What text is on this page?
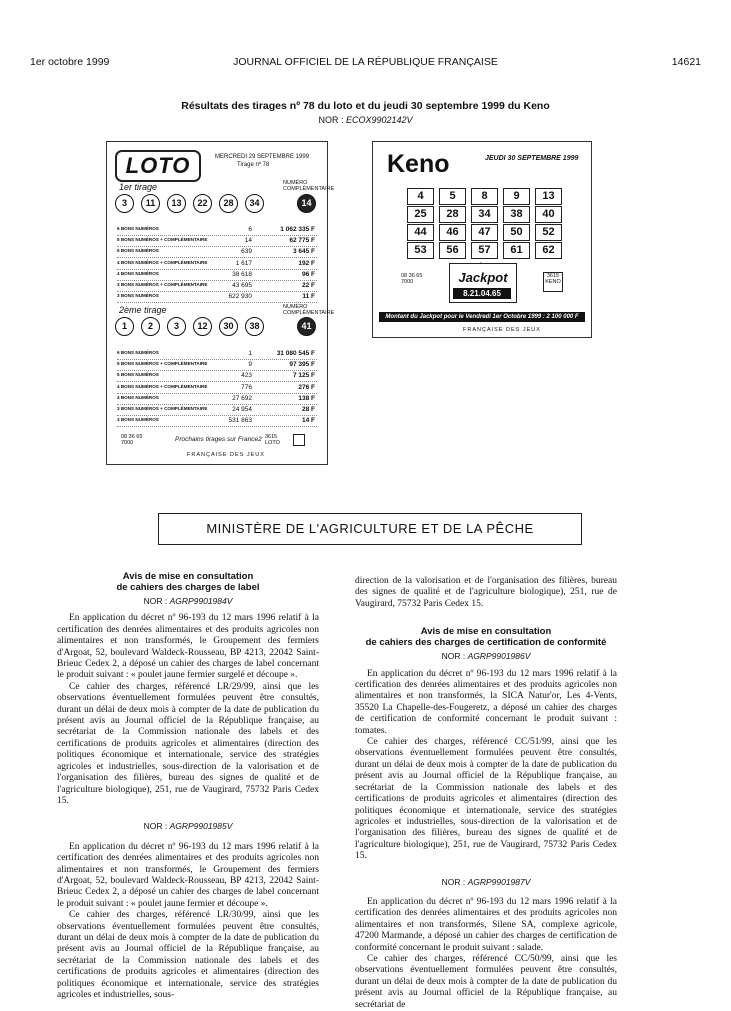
1er octobre 1999	JOURNAL OFFICIEL DE LA RÉPUBLIQUE FRANÇAISE	14621
Résultats des tirages nº 78 du loto et du jeudi 30 septembre 1999 du Keno
NOR : ECOX9902142V
LOTO	MERCREDI 29 SEPTEMBRE 1999
Tirage nº 78
1er tirage	NUMÉRO COMPLÉMENTAIRE
3	11	13	22	28	34	14
6 BONS NUMÉROS	6	1 062 335 F
5 BONS NUMÉROS + COMPLÉMENTAIRE	14	62 775 F
5 BONS NUMÉROS	639	3 645 F
4 BONS NUMÉROS + COMPLÉMENTAIRE	1 617	192 F
4 BONS NUMÉROS	38 618	96 F
3 BONS NUMÉROS + COMPLÉMENTAIRE	43 695	22 F
3 BONS NUMÉROS	622 930	11 F
2ème tirage	NUMÉRO COMPLÉMENTAIRE
1	2	3	12	30	38	41
6 BONS NUMÉROS	1	31 080 545 F
5 BONS NUMÉROS + COMPLÉMENTAIRE	9	97 395 F
5 BONS NUMÉROS	423	7 125 F
4 BONS NUMÉROS + COMPLÉMENTAIRE	776	276 F
4 BONS NUMÉROS	27 692	138 F
3 BONS NUMÉROS + COMPLÉMENTAIRE	24 954	28 F
3 BONS NUMÉROS	531 863	14 F
08 36 65 7000	Prochains tirages sur France2 3615 LOTO
FRANÇAISE DES JEUX
Keno	JEUDI 30 SEPTEMBRE 1999
4	5	8	9	13
25	28	34	38	40
44	46	47	50	52
53	56	57	61	62
Jackpot
8.21.04.65
08 36 65 7000
3615 KENO
Montant du Jackpot pour le Vendredi 1er Octobre 1999 : 2 100 000 F
FRANÇAISE DES JEUX
MINISTÈRE DE L'AGRICULTURE ET DE LA PÊCHE
Avis de mise en consultation
de cahiers des charges de label
NOR : AGRP9901984V

En application du décret nº 96-193 du 12 mars 1996 relatif à la certification des denrées alimentaires et des produits agricoles non alimentaires et non transformés, le Groupement des fermiers d'Argoat, 52, boulevard Waldeck-Rousseau, BP 4213, 22042 Saint-Brieuc Cedex 2, a déposé un cahier des charges de label concernant le produit suivant : « poulet jaune fermier surgelé et découpe ».

Ce cahier des charges, référencé LR/29/99, ainsi que les observations éventuellement formulées peuvent être consultés, durant un délai de deux mois à compter de la date de publication du présent avis au Journal officiel de la République française, au secrétariat de la Commission nationale des labels et des certifications de produits agricoles et alimentaires (direction des politiques économique et internationale, service des stratégies agricoles et industrielles, sous-direction de la valorisation et de l'organisation des filières, bureau des signes de qualité et de l'agriculture biologique), 251, rue de Vaugirard, 75732 Paris Cedex 15.

NOR : AGRP9901985V

En application du décret nº 96-193 du 12 mars 1996 relatif à la certification des denrées alimentaires et des produits agricoles non alimentaires et non transformés, le Groupement des fermiers d'Argoat, 52, boulevard Waldeck-Rousseau, BP 4213, 22042 Saint-Brieuc Cedex 2, a déposé un cahier des charges de label concernant le produit suivant : « poulet jaune fermier et découpe ».

Ce cahier des charges, référencé LR/30/99, ainsi que les observations éventuellement formulées peuvent être consultés, durant un délai de deux mois à compter de la date de publication du présent avis au Journal officiel de la République française, au secrétariat de la Commission nationale des labels et des certifications de produits agricoles et alimentaires (direction des politiques économique et internationale, service des stratégies agricoles et industrielles, sous-

direction de la valorisation et de l'organisation des filières, bureau des signes de qualité et de l'agriculture biologique), 251, rue de Vaugirard, 75732 Paris Cedex 15.

Avis de mise en consultation
de cahiers des charges de certification de conformité
NOR : AGRP9901986V

En application du décret nº 96-193 du 12 mars 1996 relatif à la certification des denrées alimentaires et des produits agricoles non alimentaires et non transformés, la SICA Natur'or, Les 4-Vents, 35520 La Chapelle-des-Fougeretz, a déposé un cahier des charges de certification de conformité concernant le produit suivant : tomates.

Ce cahier des charges, référencé CC/51/99, ainsi que les observations éventuellement formulées peuvent être consultés, durant un délai de deux mois à compter de la date de publication du présent avis au Journal officiel de la République française, au secrétariat de la Commission nationale des labels et des certifications de produits agricoles et alimentaires (direction des politiques économique et internationale, service des stratégies agricoles et industrielles, sous-direction de la valorisation et de l'organisation des filières, bureau des signes de qualité et de l'agriculture biologique), 251, rue de Vaugirard, 75732 Paris Cedex 15.

NOR : AGRP9901987V

En application du décret nº 96-193 du 12 mars 1996 relatif à la certification des denrées alimentaires et des produits agricoles non alimentaires et non transformés, Silene SA, complexe agricole, 47200 Marmande, a déposé un cahier des charges de certification de conformité concernant le produit suivant : salade.

Ce cahier des charges, référencé CC/50/99, ainsi que les observations éventuellement formulées peuvent être consultés, durant un délai de deux mois à compter de la date de publication du présent avis au Journal officiel de la République française, au secrétariat de
